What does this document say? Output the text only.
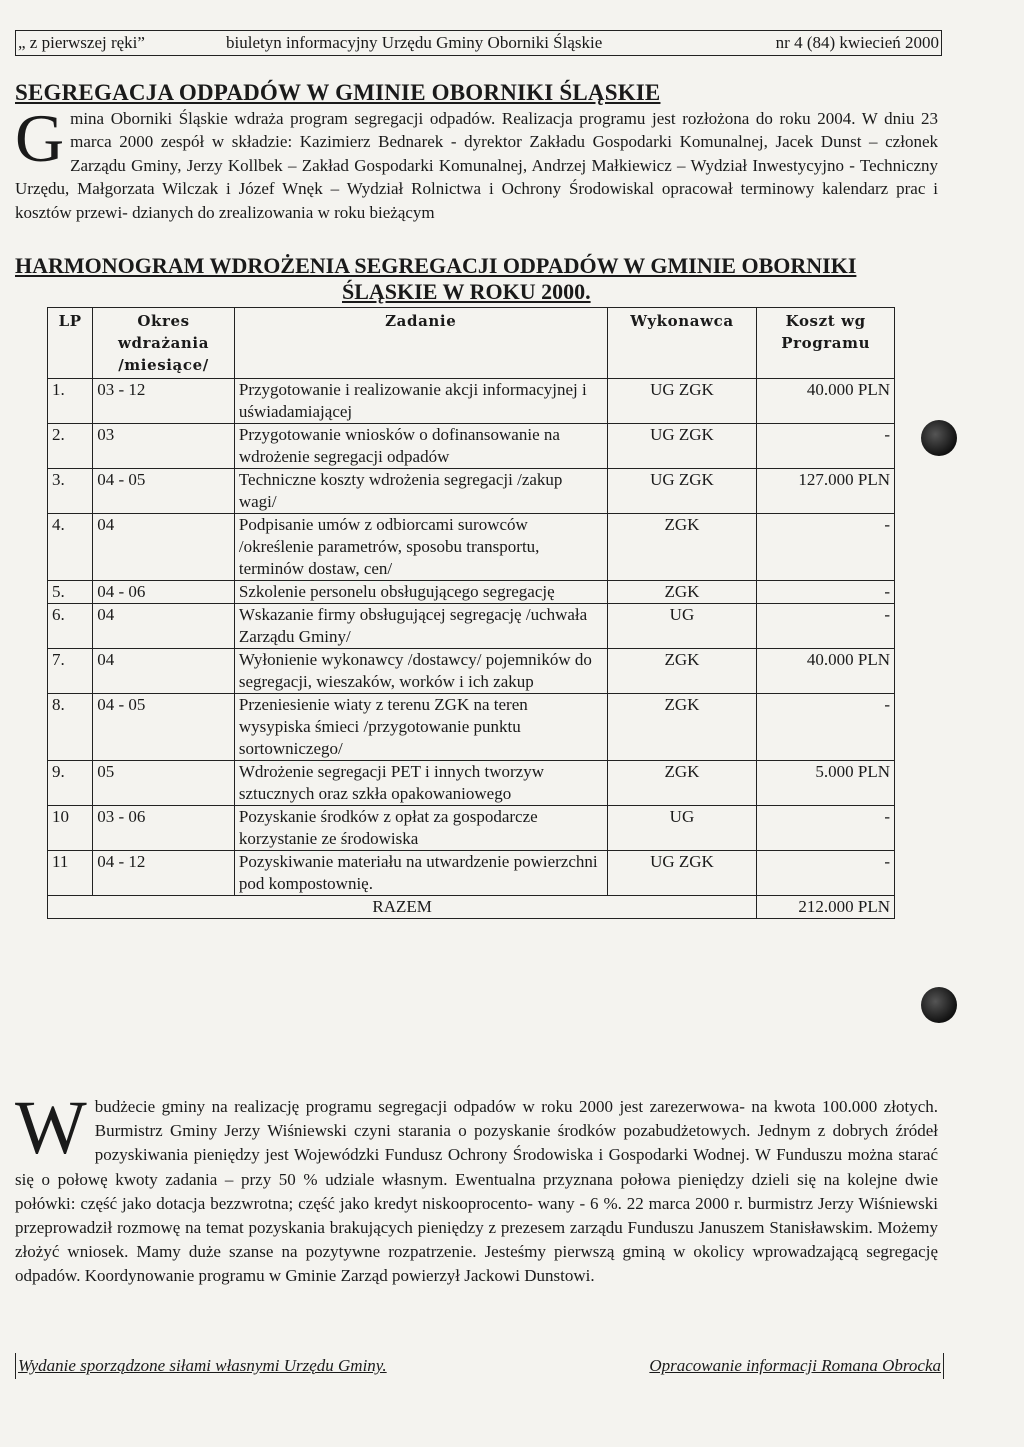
„ z pierwszej ręki”	biuletyn informacyjny Urzędu Gminy Oborniki Śląskie	nr 4 (84) kwiecień 2000
SEGREGACJA ODPADÓW W GMINIE OBORNIKI ŚLĄSKIE
G mina Oborniki Śląskie wdraża program segregacji odpadów. Realizacja programu jest rozłożona do roku 2004. W dniu 23 marca 2000 zespół w składzie: Kazimierz Bednarek - dyrektor Zakładu Gospodarki Komunalnej, Jacek Dunst – członek Zarządu Gminy, Jerzy Kollbek – Zakład Gospodarki Komunalnej, Andrzej Małkiewicz – Wydział Inwestycyjno - Techniczny Urzędu, Małgorzata Wilczak i Józef Wnęk – Wydział Rolnictwa i Ochrony Środowiskal opracował terminowy kalendarz prac i kosztów przewi- dzianych do zrealizowania w roku bieżącym
HARMONOGRAM WDROŻENIA SEGREGACJI ODPADÓW W GMINIE OBORNIKI
ŚLĄSKIE W ROKU 2000.
LP	Okres wdrażania /miesiące/	Zadanie	Wykonawca	Koszt wg Programu
1.	03 - 12	Przygotowanie i realizowanie akcji informacyjnej i uświadamiającej	UG ZGK	40.000 PLN
2.	03	Przygotowanie wniosków o dofinansowanie na wdrożenie segregacji odpadów	UG ZGK	-
3.	04 - 05	Techniczne koszty wdrożenia segregacji /zakup wagi/	UG ZGK	127.000 PLN
4.	04	Podpisanie umów z odbiorcami surowców /określenie parametrów, sposobu transportu, terminów dostaw, cen/	ZGK	-
5.	04 - 06	Szkolenie personelu obsługującego segregację	ZGK	-
6.	04	Wskazanie firmy obsługującej segregację /uchwała Zarządu Gminy/	UG	-
7.	04	Wyłonienie wykonawcy /dostawcy/ pojemników do segregacji, wieszaków, worków i ich zakup	ZGK	40.000 PLN
8.	04 - 05	Przeniesienie wiaty z terenu ZGK na teren wysypiska śmieci /przygotowanie punktu sortowniczego/	ZGK	-
9.	05	Wdrożenie segregacji PET i innych tworzyw sztucznych oraz szkła opakowaniowego	ZGK	5.000 PLN
10	03 - 06	Pozyskanie środków z opłat za gospodarcze korzystanie ze środowiska	UG	-
11	04 - 12	Pozyskiwanie materiału na utwardzenie powierzchni pod kompostownię.	UG ZGK	-
RAZEM				212.000 PLN
W budżecie gminy na realizację programu segregacji odpadów w roku 2000 jest zarezerwowa- na kwota 100.000 złotych. Burmistrz Gminy Jerzy Wiśniewski czyni starania o pozyskanie środków pozabudżetowych. Jednym z dobrych źródeł pozyskiwania pieniędzy jest Wojewódzki Fundusz Ochrony Środowiska i Gospodarki Wodnej. W Funduszu można starać się o połowę kwoty zadania – przy 50 % udziale własnym. Ewentualna przyznana połowa pieniędzy dzieli się na kolejne dwie połówki: część jako dotacja bezzwrotna; część jako kredyt niskooprocento- wany - 6 %. 22 marca 2000 r. burmistrz Jerzy Wiśniewski przeprowadził rozmowę na temat pozyskania brakujących pieniędzy z prezesem zarządu Funduszu Januszem Stanisławskim. Możemy złożyć wniosek. Mamy duże szanse na pozytywne rozpatrzenie. Jesteśmy pierwszą gminą w okolicy wprowadzającą segregację odpadów. Koordynowanie programu w Gminie Zarząd powierzył Jackowi Dunstowi.
Wydanie sporządzone siłami własnymi Urzędu Gminy.	Opracowanie informacji Romana Obrocka
